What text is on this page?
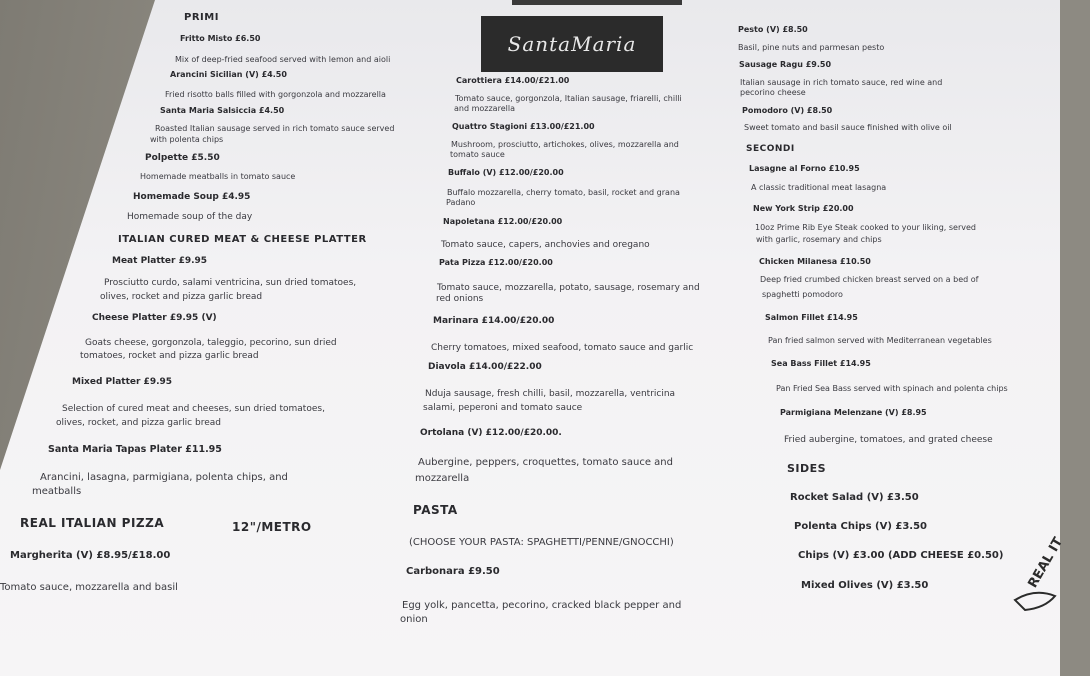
SantaMaria
PRIMI
Fritto Misto £6.50
Mix of deep-fried seafood served with lemon and aioli
Arancini Sicilian (V) £4.50
Fried risotto balls filled with gorgonzola and mozzarella
Santa Maria Salsiccia £4.50
Roasted Italian sausage served in rich tomato sauce served
with polenta chips
Polpette £5.50
Homemade meatballs in tomato sauce
Homemade Soup £4.95
Homemade soup of the day
ITALIAN CURED MEAT & CHEESE PLATTER
Meat Platter £9.95
Prosciutto curdo, salami ventricina, sun dried tomatoes,
olives, rocket and pizza garlic bread
Cheese Platter £9.95 (V)
Goats cheese, gorgonzola, taleggio, pecorino, sun dried
tomatoes, rocket and pizza garlic bread
Mixed Platter £9.95
Selection of cured meat and cheeses, sun dried tomatoes,
olives, rocket, and pizza garlic bread
Santa Maria Tapas Plater £11.95
Arancini, lasagna, parmigiana, polenta chips, and
meatballs
REAL ITALIAN PIZZA	12"/METRO
Margherita (V) £8.95/£18.00
Tomato sauce, mozzarella and basil
Carottiera £14.00/£21.00
Tomato sauce, gorgonzola, Italian sausage, friarelli, chilli
and mozzarella
Quattro Stagioni £13.00/£21.00
Mushroom, prosciutto, artichokes, olives, mozzarella and
tomato sauce
Buffalo (V) £12.00/£20.00
Buffalo mozzarella, cherry tomato, basil, rocket and grana
Padano
Napoletana £12.00/£20.00
Tomato sauce, capers, anchovies and oregano
Pata Pizza £12.00/£20.00
Tomato sauce, mozzarella, potato, sausage, rosemary and
red onions
Marinara £14.00/£20.00
Cherry tomatoes, mixed seafood, tomato sauce and garlic
Diavola £14.00/£22.00
Nduja sausage, fresh chilli, basil, mozzarella, ventricina
salami, peperoni and tomato sauce
Ortolana (V) £12.00/£20.00.
Aubergine, peppers, croquettes, tomato sauce and
mozzarella
PASTA
(CHOOSE YOUR PASTA: SPAGHETTI/PENNE/GNOCCHI)
Carbonara £9.50
Egg yolk, pancetta, pecorino, cracked black pepper and
onion
Pesto (V) £8.50
Basil, pine nuts and parmesan pesto
Sausage Ragu £9.50
Italian sausage in rich tomato sauce, red wine and
pecorino cheese
Pomodoro (V) £8.50
Sweet tomato and basil sauce finished with olive oil
SECONDI
Lasagne al Forno £10.95
A classic traditional meat lasagna
New York Strip £20.00
10oz Prime Rib Eye Steak cooked to your liking, served
with garlic, rosemary and chips
Chicken Milanesa £10.50
Deep fried crumbed chicken breast served on a bed of
spaghetti pomodoro
Salmon Fillet £14.95
Pan fried salmon served with Mediterranean vegetables
Sea Bass Fillet £14.95
Pan Fried Sea Bass served with spinach and polenta chips
Parmigiana Melenzane (V) £8.95
Fried aubergine, tomatoes, and grated cheese
SIDES
Rocket Salad (V) £3.50
Polenta Chips (V) £3.50
Chips (V) £3.00 (ADD CHEESE £0.50)
Mixed Olives (V) £3.50	REAL IT
